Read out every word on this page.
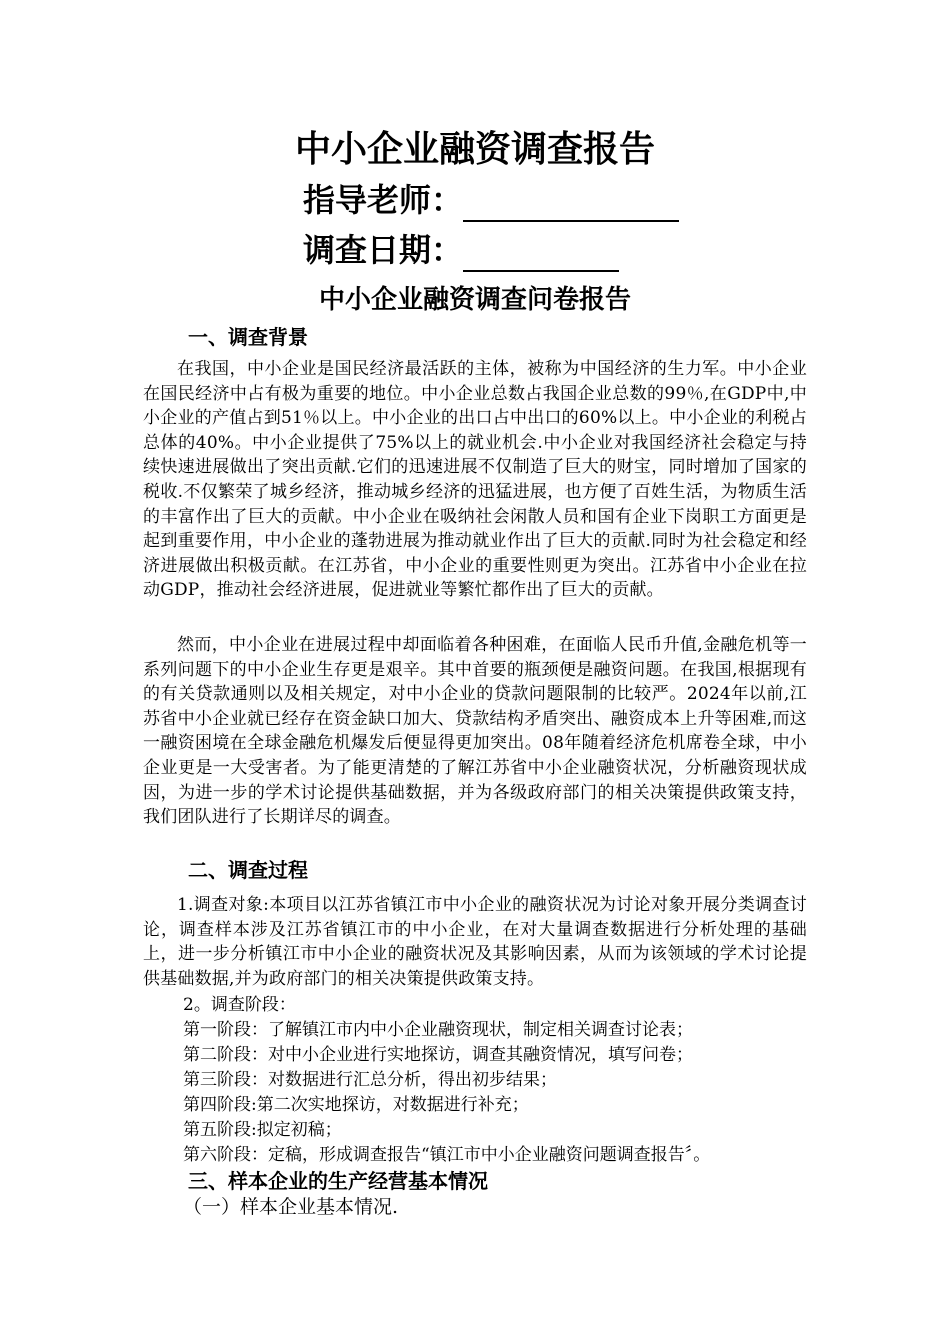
中小企业融资调查报告
指导老师：
调查日期：
中小企业融资调查问卷报告
一、调查背景

在我国，中小企业是国民经济最活跃的主体，被称为中国经济的生力军。中小企业在国民经济中占有极为重要的地位。中小企业总数占我国企业总数的99％,在GDP中,中小企业的产值占到51％以上。中小企业的出口占中出口的60%以上。中小企业的利税占总体的40%。中小企业提供了75%以上的就业机会.中小企业对我国经济社会稳定与持续快速进展做出了突出贡献.它们的迅速进展不仅制造了巨大的财宝，同时增加了国家的税收.不仅繁荣了城乡经济，推动城乡经济的迅猛进展，也方便了百姓生活，为物质生活的丰富作出了巨大的贡献。中小企业在吸纳社会闲散人员和国有企业下岗职工方面更是起到重要作用，中小企业的蓬勃进展为推动就业作出了巨大的贡献.同时为社会稳定和经济进展做出积极贡献。在江苏省，中小企业的重要性则更为突出。江苏省中小企业在拉动GDP，推动社会经济进展，促进就业等繁忙都作出了巨大的贡献。

然而，中小企业在进展过程中却面临着各种困难，在面临人民币升值,金融危机等一系列问题下的中小企业生存更是艰辛。其中首要的瓶颈便是融资问题。在我国,根据现有的有关贷款通则以及相关规定，对中小企业的贷款问题限制的比较严。2024年以前,江苏省中小企业就已经存在资金缺口加大、贷款结构矛盾突出、融资成本上升等困难,而这一融资困境在全球金融危机爆发后便显得更加突出。08年随着经济危机席卷全球，中小企业更是一大受害者。为了能更清楚的了解江苏省中小企业融资状况，分析融资现状成因，为进一步的学术讨论提供基础数据，并为各级政府部门的相关决策提供政策支持，我们团队进行了长期详尽的调查。

二、调查过程

1.调查对象:本项目以江苏省镇江市中小企业的融资状况为讨论对象开展分类调查讨论，调查样本涉及江苏省镇江市的中小企业，在对大量调查数据进行分析处理的基础上，进一步分析镇江市中小企业的融资状况及其影响因素，从而为该领域的学术讨论提供基础数据,并为政府部门的相关决策提供政策支持。

2。调查阶段：

第一阶段：了解镇江市内中小企业融资现状，制定相关调查讨论表；

第二阶段：对中小企业进行实地探访，调查其融资情况，填写问卷；

第三阶段：对数据进行汇总分析，得出初步结果；

第四阶段:第二次实地探访，对数据进行补充；

第五阶段:拟定初稿；

第六阶段：定稿，形成调查报告“镇江市中小企业融资问题调查报告〞。

三、样本企业的生产经营基本情况

（一）样本企业基本情况.
